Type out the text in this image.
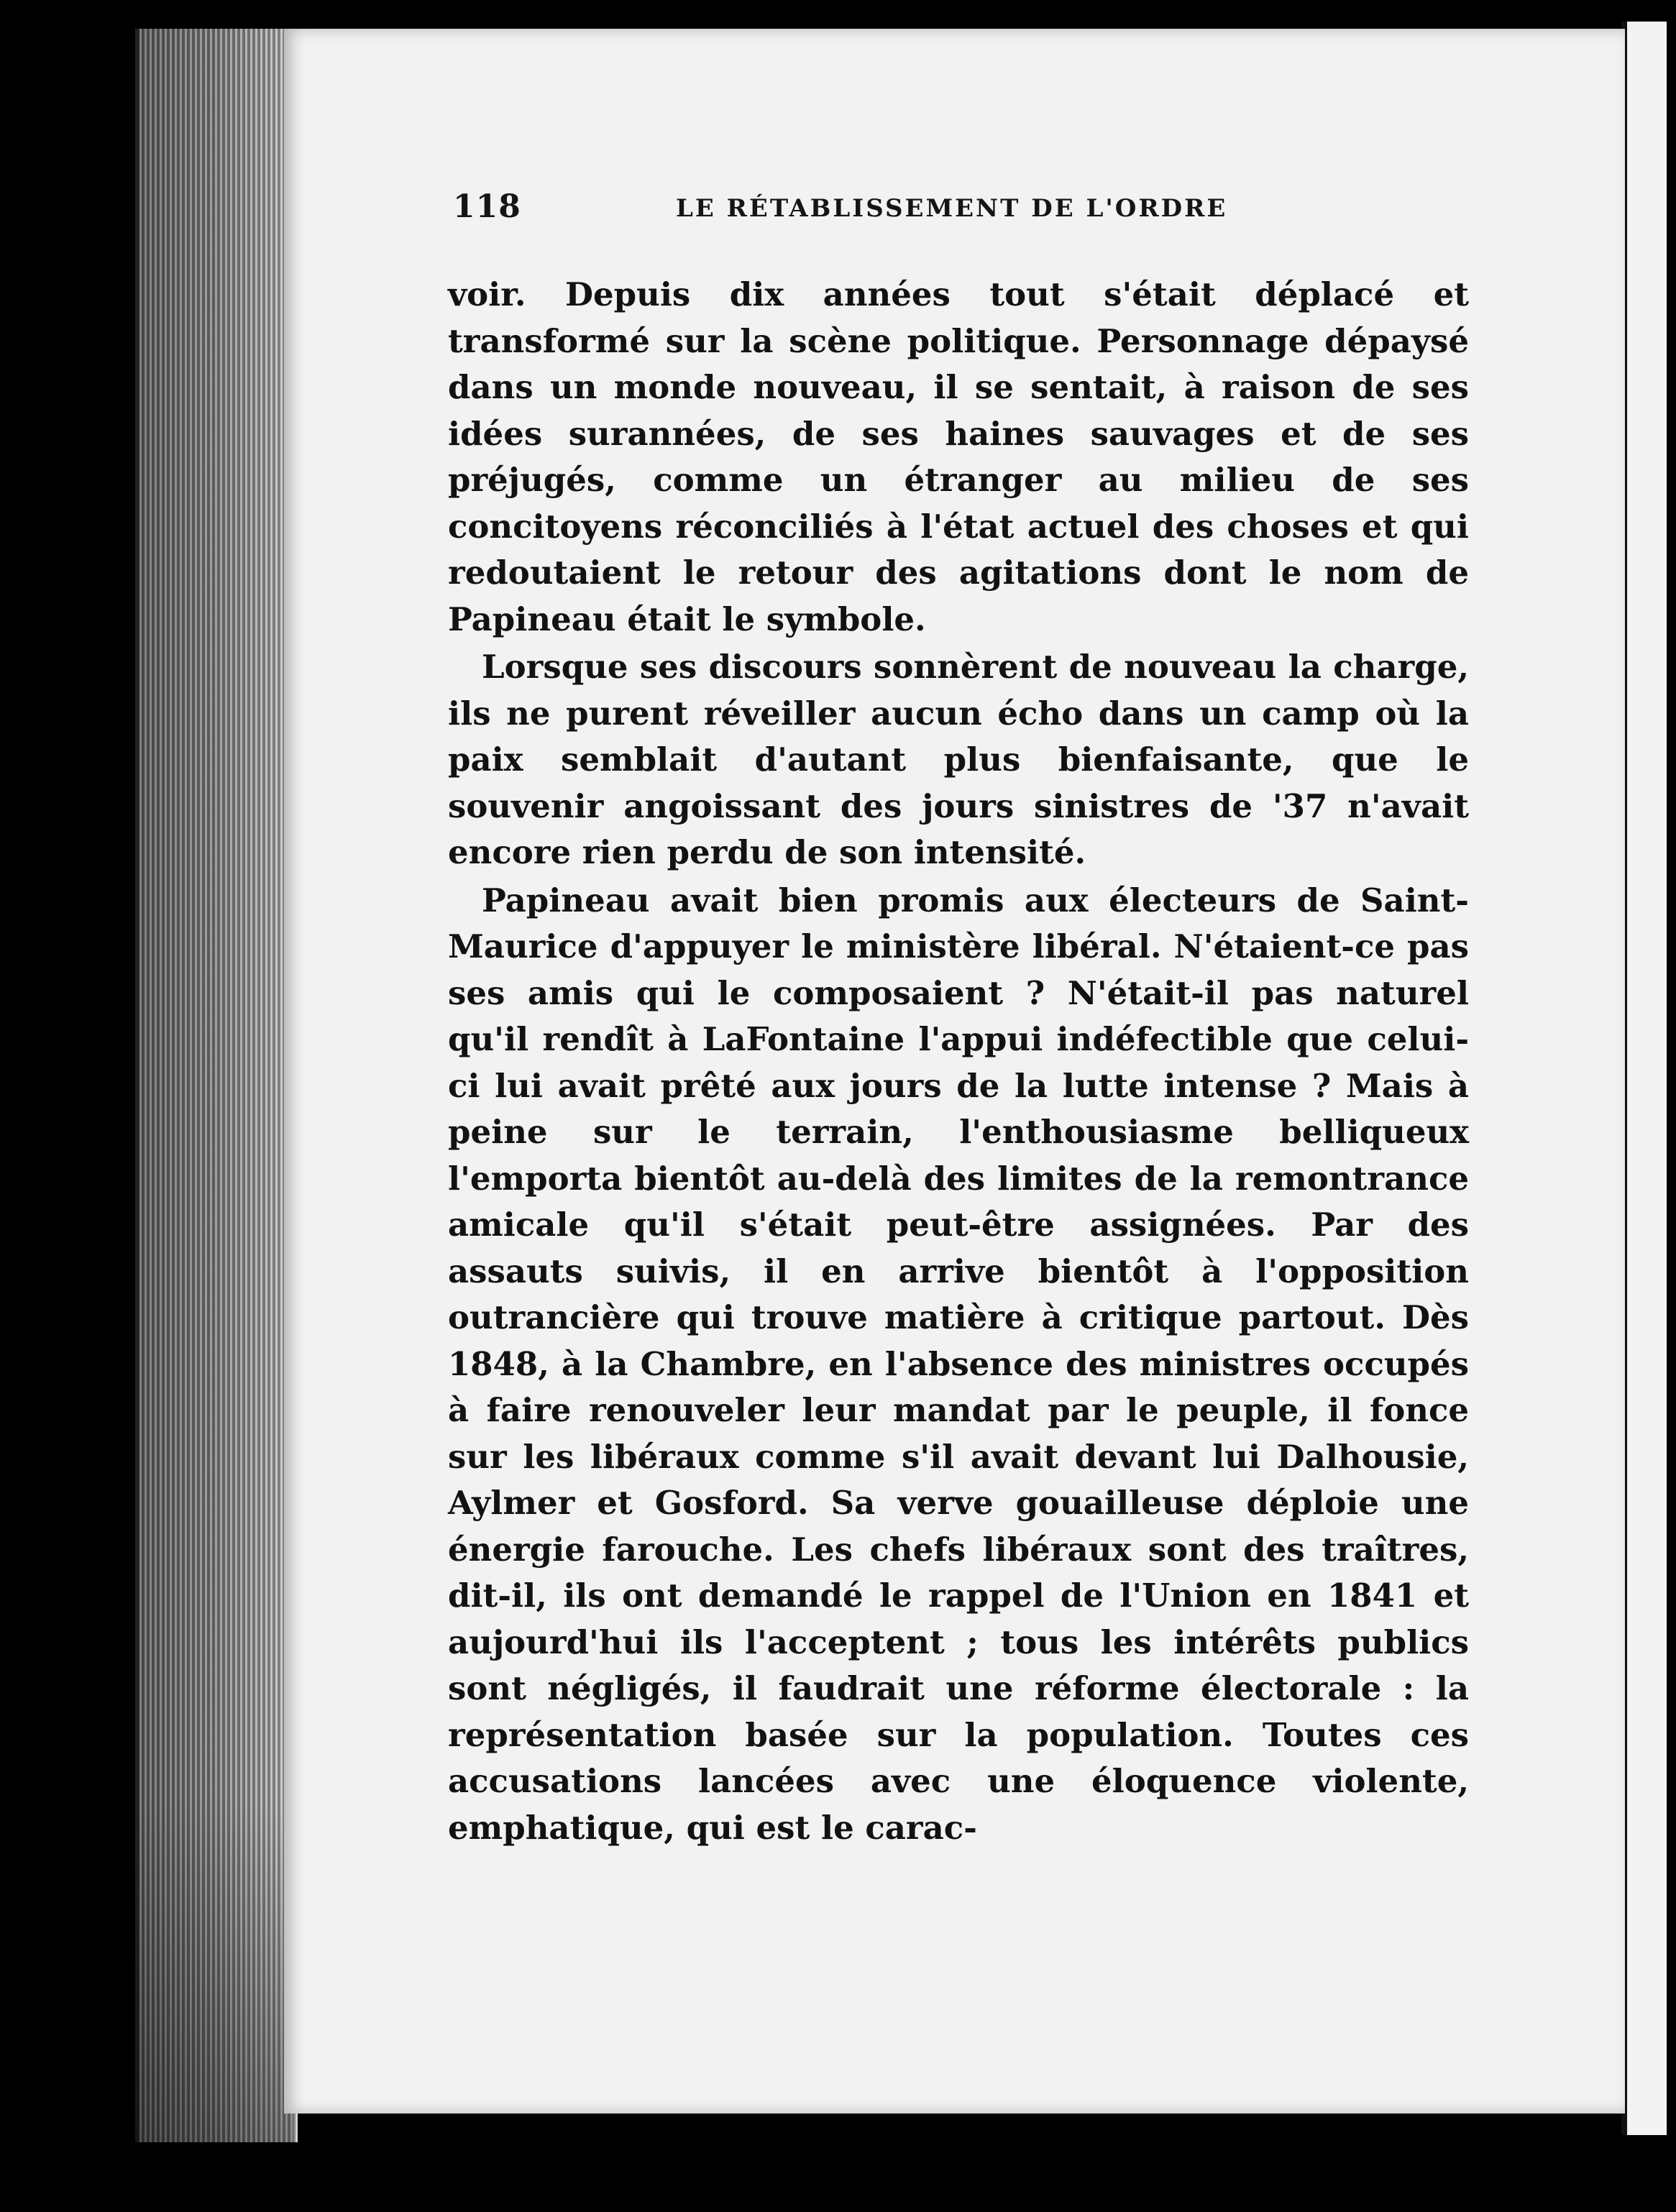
118	LE RÉTABLISSEMENT DE L'ORDRE

voir. Depuis dix années tout s'était déplacé et transformé sur la scène politique. Personnage dépaysé dans un monde nouveau, il se sentait, à raison de ses idées surannées, de ses haines sauvages et de ses préjugés, comme un étranger au milieu de ses concitoyens réconciliés à l'état actuel des choses et qui redoutaient le retour des agitations dont le nom de Papineau était le symbole.

Lorsque ses discours sonnèrent de nouveau la charge, ils ne purent réveiller aucun écho dans un camp où la paix semblait d'autant plus bienfaisante, que le souvenir angoissant des jours sinistres de '37 n'avait encore rien perdu de son intensité.

Papineau avait bien promis aux électeurs de Saint-Maurice d'appuyer le ministère libéral. N'étaient-ce pas ses amis qui le composaient ? N'était-il pas naturel qu'il rendît à LaFontaine l'appui indéfectible que celui-ci lui avait prêté aux jours de la lutte intense ? Mais à peine sur le terrain, l'enthousiasme belliqueux l'emporta bientôt au-delà des limites de la remontrance amicale qu'il s'était peut-être assignées. Par des assauts suivis, il en arrive bientôt à l'opposition outrancière qui trouve matière à critique partout. Dès 1848, à la Chambre, en l'absence des ministres occupés à faire renouveler leur mandat par le peuple, il fonce sur les libéraux comme s'il avait devant lui Dalhousie, Aylmer et Gosford. Sa verve gouailleuse déploie une énergie farouche. Les chefs libéraux sont des traîtres, dit-il, ils ont demandé le rappel de l'Union en 1841 et aujourd'hui ils l'acceptent ; tous les intérêts publics sont négligés, il faudrait une réforme électorale : la représentation basée sur la population. Toutes ces accusations lancées avec une éloquence violente, emphatique, qui est le carac-
